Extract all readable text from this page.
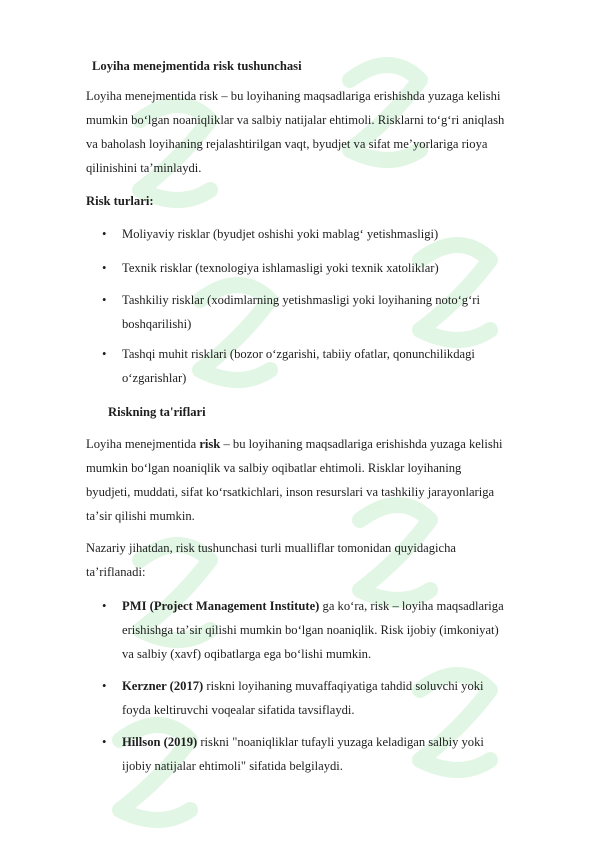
Loyiha menejmentida risk tushunchasi
Loyiha menejmentida risk – bu loyihaning maqsadlariga erishishda yuzaga kelishi
mumkin boʻlgan noaniqliklar va salbiy natijalar ehtimoli. Risklarni toʻgʻri aniqlash
va baholash loyihaning rejalashtirilgan vaqt, byudjet va sifat meʼyorlariga rioya
qilinishini taʼminlaydi.
Risk turlari:
• Moliyaviy risklar (byudjet oshishi yoki mablagʻ yetishmasligi)
• Texnik risklar (texnologiya ishlamasligi yoki texnik xatoliklar)
• Tashkiliy risklar (xodimlarning yetishmasligi yoki loyihaning notoʻgʻri
boshqarilishi)
• Tashqi muhit risklari (bozor oʻzgarishi, tabiiy ofatlar, qonunchilikdagi
oʻzgarishlar)
Riskning ta'riflari
Loyiha menejmentida risk – bu loyihaning maqsadlariga erishishda yuzaga kelishi
mumkin boʻlgan noaniqlik va salbiy oqibatlar ehtimoli. Risklar loyihaning
byudjeti, muddati, sifat koʻrsatkichlari, inson resurslari va tashkiliy jarayonlariga
taʼsir qilishi mumkin.
Nazariy jihatdan, risk tushunchasi turli mualliflar tomonidan quyidagicha
taʼriflanadi:
• PMI (Project Management Institute) ga koʻra, risk – loyiha maqsadlariga
erishishga taʼsir qilishi mumkin boʻlgan noaniqlik. Risk ijobiy (imkoniyat)
va salbiy (xavf) oqibatlarga ega boʻlishi mumkin.
• Kerzner (2017) riskni loyihaning muvaffaqiyatiga tahdid soluvchi yoki
foyda keltiruvchi voqealar sifatida tavsiflaydi.
• Hillson (2019) riskni "noaniqliklar tufayli yuzaga keladigan salbiy yoki
ijobiy natijalar ehtimoli" sifatida belgilaydi.
